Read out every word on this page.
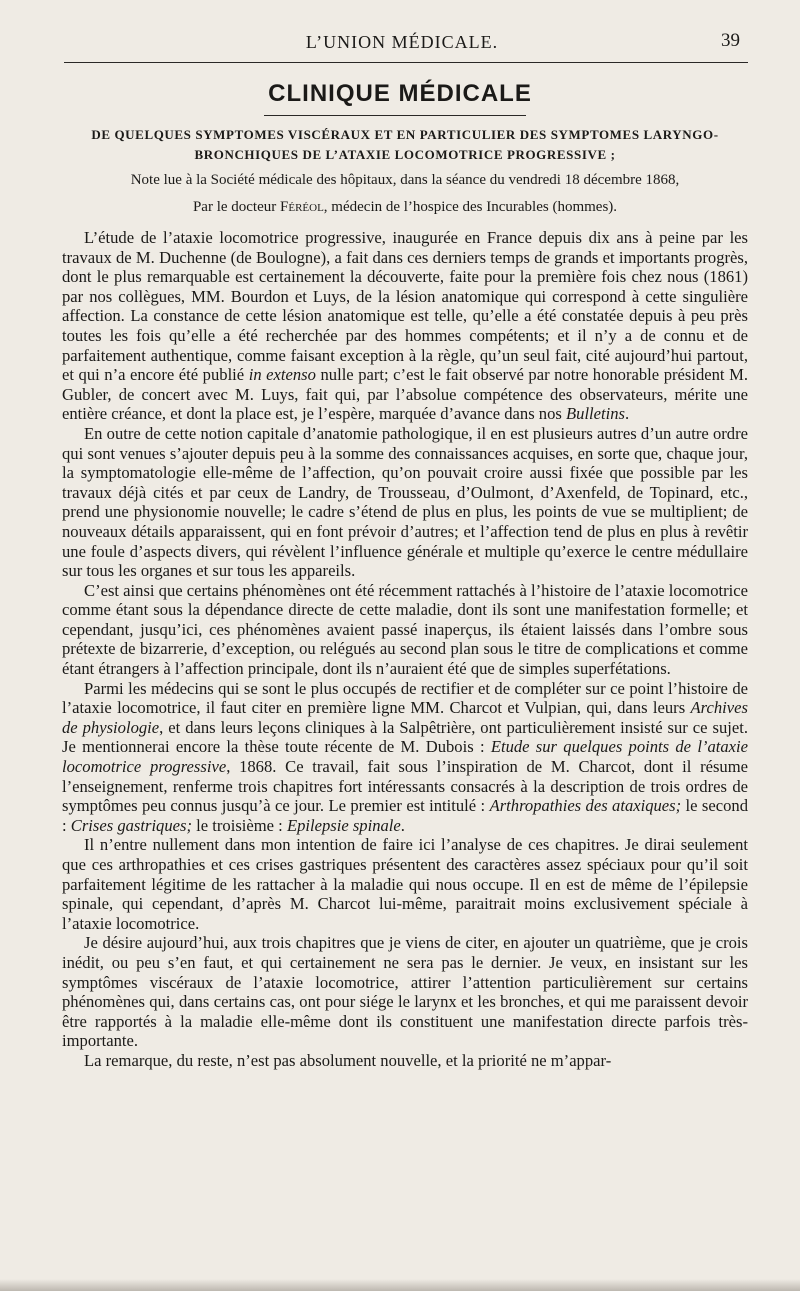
L’UNION MÉDICALE.	39
CLINIQUE MÉDICALE
DE QUELQUES SYMPTOMES VISCÉRAUX ET EN PARTICULIER DES SYMPTOMES LARYNGO-BRONCHIQUES DE L’ATAXIE LOCOMOTRICE PROGRESSIVE ;
Note lue à la Société médicale des hôpitaux, dans la séance du vendredi 18 décembre 1868,
Par le docteur Féréol, médecin de l’hospice des Incurables (hommes).

L’étude de l’ataxie locomotrice progressive, inaugurée en France depuis dix ans à peine par les travaux de M. Duchenne (de Boulogne), a fait dans ces derniers temps de grands et importants progrès, dont le plus remarquable est certainement la découverte, faite pour la première fois chez nous (1861) par nos collègues, MM. Bourdon et Luys, de la lésion anatomique qui correspond à cette singulière affection. La constance de cette lésion anatomique est telle, qu’elle a été constatée depuis à peu près toutes les fois qu’elle a été recherchée par des hommes compétents; et il n’y a de connu et de parfaitement authentique, comme faisant exception à la règle, qu’un seul fait, cité aujourd’hui partout, et qui n’a encore été publié in extenso nulle part; c’est le fait observé par notre honorable président M. Gubler, de concert avec M. Luys, fait qui, par l’absolue compétence des observateurs, mérite une entière créance, et dont la place est, je l’espère, marquée d’avance dans nos Bulletins.

En outre de cette notion capitale d’anatomie pathologique, il en est plusieurs autres d’un autre ordre qui sont venues s’ajouter depuis peu à la somme des connaissances acquises, en sorte que, chaque jour, la symptomatologie elle-même de l’affection, qu’on pouvait croire aussi fixée que possible par les travaux déjà cités et par ceux de Landry, de Trousseau, d’Oulmont, d’Axenfeld, de Topinard, etc., prend une physionomie nouvelle; le cadre s’étend de plus en plus, les points de vue se multiplient; de nouveaux détails apparaissent, qui en font prévoir d’autres; et l’affection tend de plus en plus à revêtir une foule d’aspects divers, qui révèlent l’influence générale et multiple qu’exerce le centre médullaire sur tous les organes et sur tous les appareils.

C’est ainsi que certains phénomènes ont été récemment rattachés à l’histoire de l’ataxie locomotrice comme étant sous la dépendance directe de cette maladie, dont ils sont une manifestation formelle; et cependant, jusqu’ici, ces phénomènes avaient passé inaperçus, ils étaient laissés dans l’ombre sous prétexte de bizarrerie, d’exception, ou relégués au second plan sous le titre de complications et comme étant étrangers à l’affection principale, dont ils n’auraient été que de simples superfétations.

Parmi les médecins qui se sont le plus occupés de rectifier et de compléter sur ce point l’histoire de l’ataxie locomotrice, il faut citer en première ligne MM. Charcot et Vulpian, qui, dans leurs Archives de physiologie, et dans leurs leçons cliniques à la Salpêtrière, ont particulièrement insisté sur ce sujet. Je mentionnerai encore la thèse toute récente de M. Dubois : Etude sur quelques points de l’ataxie locomotrice progressive, 1868. Ce travail, fait sous l’inspiration de M. Charcot, dont il résume l’enseignement, renferme trois chapitres fort intéressants consacrés à la description de trois ordres de symptômes peu connus jusqu’à ce jour. Le premier est intitulé : Arthropathies des ataxiques; le second : Crises gastriques; le troisième : Epilepsie spinale.

Il n’entre nullement dans mon intention de faire ici l’analyse de ces chapitres. Je dirai seulement que ces arthropathies et ces crises gastriques présentent des caractères assez spéciaux pour qu’il soit parfaitement légitime de les rattacher à la maladie qui nous occupe. Il en est de même de l’épilepsie spinale, qui cependant, d’après M. Charcot lui-même, paraitrait moins exclusivement spéciale à l’ataxie locomotrice.

Je désire aujourd’hui, aux trois chapitres que je viens de citer, en ajouter un quatrième, que je crois inédit, ou peu s’en faut, et qui certainement ne sera pas le dernier. Je veux, en insistant sur les symptômes viscéraux de l’ataxie locomotrice, attirer l’attention particulièrement sur certains phénomènes qui, dans certains cas, ont pour siége le larynx et les bronches, et qui me paraissent devoir être rapportés à la maladie elle-même dont ils constituent une manifestation directe parfois très-importante.

La remarque, du reste, n’est pas absolument nouvelle, et la priorité ne m’appar-
